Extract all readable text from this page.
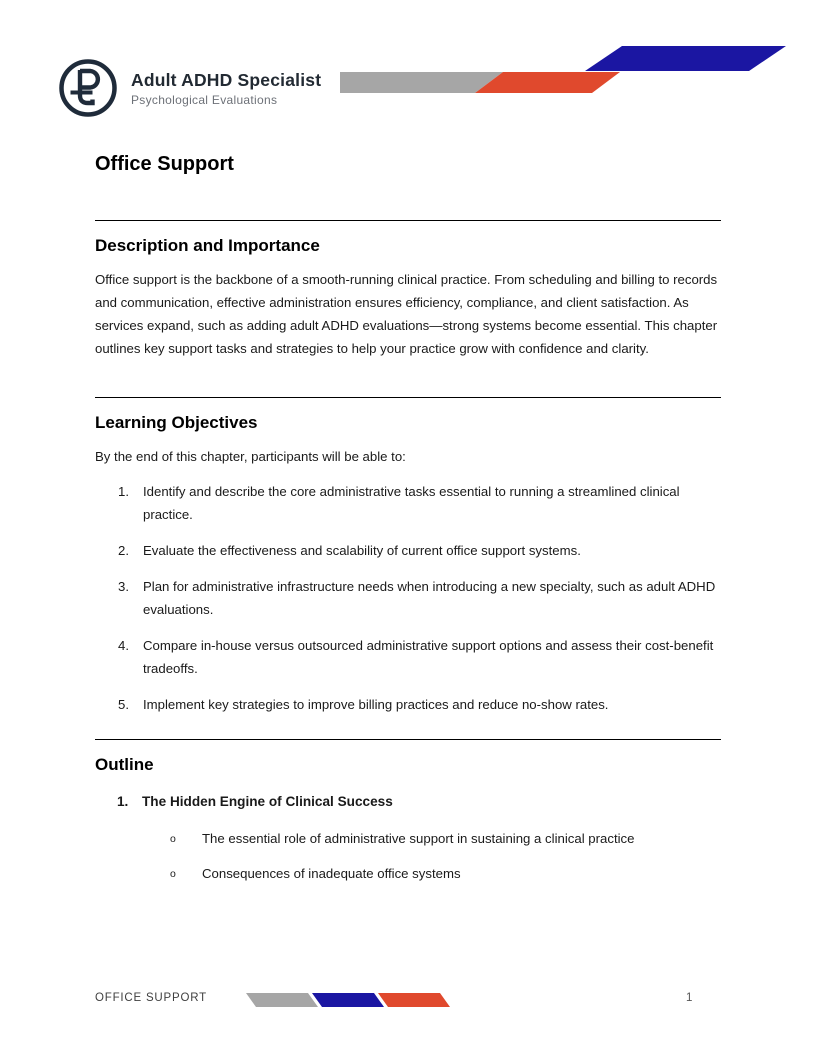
Adult ADHD Specialist
Psychological Evaluations
Office Support
Description and Importance

Office support is the backbone of a smooth-running clinical practice. From scheduling and billing to records and communication, effective administration ensures efficiency, compliance, and client satisfaction. As services expand, such as adding adult ADHD evaluations—strong systems become essential. This chapter outlines key support tasks and strategies to help your practice grow with confidence and clarity.

Learning Objectives

By the end of this chapter, participants will be able to:

1.	Identify and describe the core administrative tasks essential to running a streamlined clinical practice.
2.	Evaluate the effectiveness and scalability of current office support systems.
3.	Plan for administrative infrastructure needs when introducing a new specialty, such as adult ADHD evaluations.
4.	Compare in-house versus outsourced administrative support options and assess their cost-benefit tradeoffs.
5.	Implement key strategies to improve billing practices and reduce no-show rates.
Outline
1.	The Hidden Engine of Clinical Success
o	The essential role of administrative support in sustaining a clinical practice
o	Consequences of inadequate office systems
OFFICE SUPPORT	1
